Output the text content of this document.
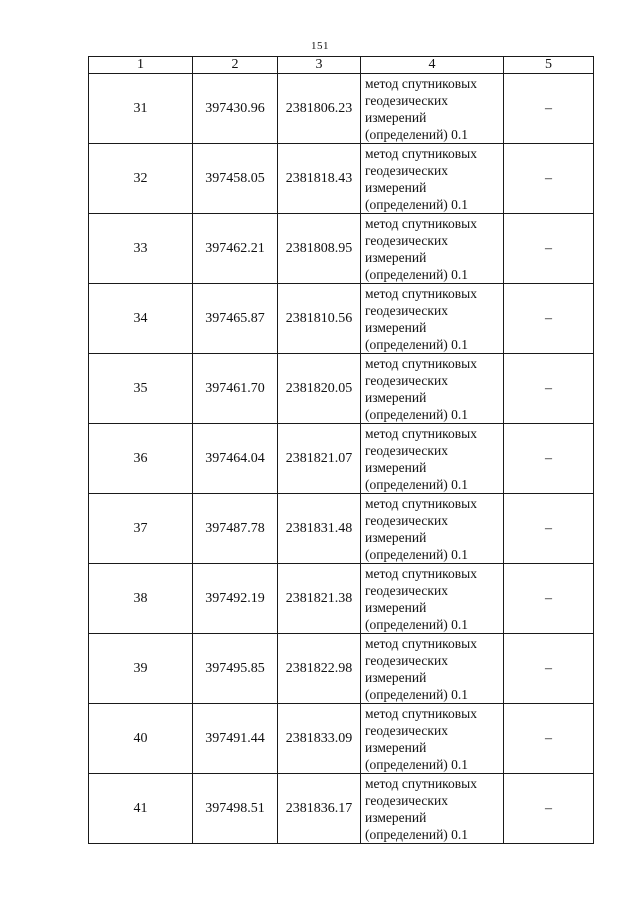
151
1	2	3	4	5
31	397430.96	2381806.23	метод спутниковых
геодезических
измерений
(определений) 0.1	–
32	397458.05	2381818.43	метод спутниковых
геодезических
измерений
(определений) 0.1	–
33	397462.21	2381808.95	метод спутниковых
геодезических
измерений
(определений) 0.1	–
34	397465.87	2381810.56	метод спутниковых
геодезических
измерений
(определений) 0.1	–
35	397461.70	2381820.05	метод спутниковых
геодезических
измерений
(определений) 0.1	–
36	397464.04	2381821.07	метод спутниковых
геодезических
измерений
(определений) 0.1	–
37	397487.78	2381831.48	метод спутниковых
геодезических
измерений
(определений) 0.1	–
38	397492.19	2381821.38	метод спутниковых
геодезических
измерений
(определений) 0.1	–
39	397495.85	2381822.98	метод спутниковых
геодезических
измерений
(определений) 0.1	–
40	397491.44	2381833.09	метод спутниковых
геодезических
измерений
(определений) 0.1	–
41	397498.51	2381836.17	метод спутниковых
геодезических
измерений
(определений) 0.1	–
